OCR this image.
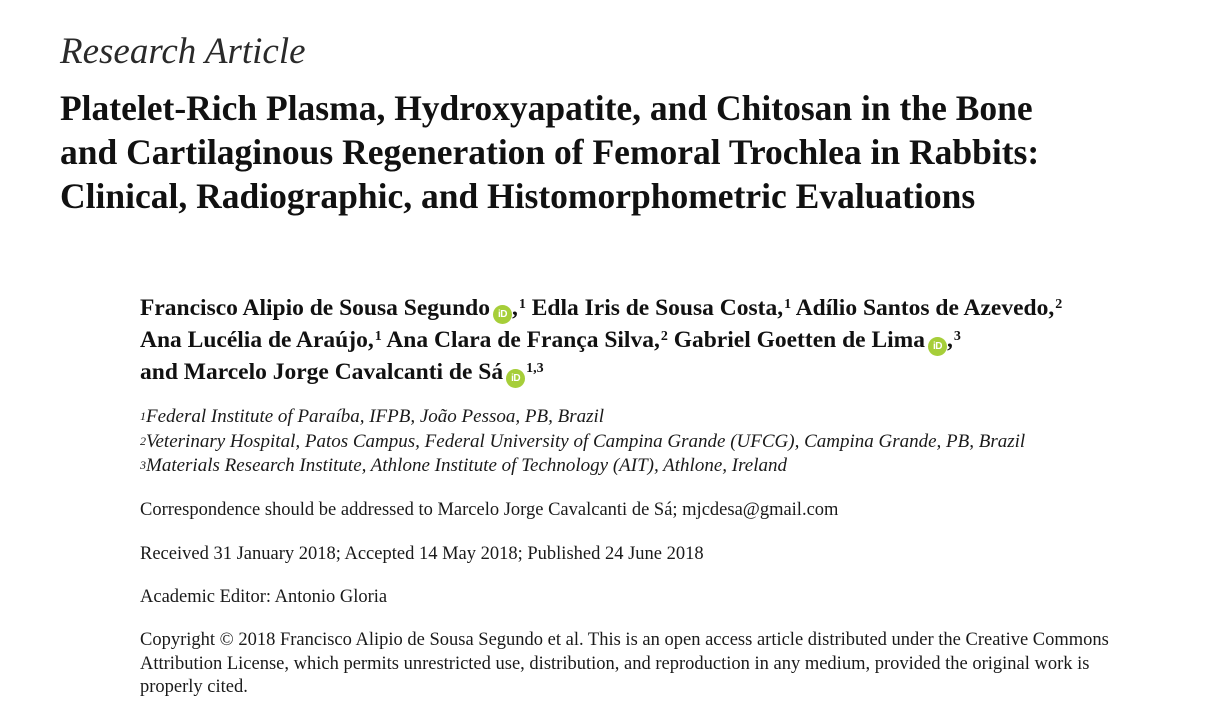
Research Article
Platelet-Rich Plasma, Hydroxyapatite, and Chitosan in the Bone
and Cartilaginous Regeneration of Femoral Trochlea in Rabbits:
Clinical, Radiographic, and Histomorphometric Evaluations
Francisco Alipio de Sousa Segundo iD ,$^1$ Edla Iris de Sousa Costa,$^1$ Adílio Santos de Azevedo,$^2$
Ana Lucélia de Araújo,$^1$ Ana Clara de França Silva,$^2$ Gabriel Goetten de Lima iD ,$^3$
and Marcelo Jorge Cavalcanti de Sá iD$^{1,3}$
$^1$Federal Institute of Paraíba, IFPB, João Pessoa, PB, Brazil
$^2$Veterinary Hospital, Patos Campus, Federal University of Campina Grande (UFCG), Campina Grande, PB, Brazil
$^3$Materials Research Institute, Athlone Institute of Technology (AIT), Athlone, Ireland
Correspondence should be addressed to Marcelo Jorge Cavalcanti de Sá; mjcdesa@gmail.com
Received 31 January 2018; Accepted 14 May 2018; Published 24 June 2018
Academic Editor: Antonio Gloria
Copyright © 2018 Francisco Alipio de Sousa Segundo et al. This is an open access article distributed under the Creative Commons
Attribution License, which permits unrestricted use, distribution, and reproduction in any medium, provided the original work is
properly cited.
